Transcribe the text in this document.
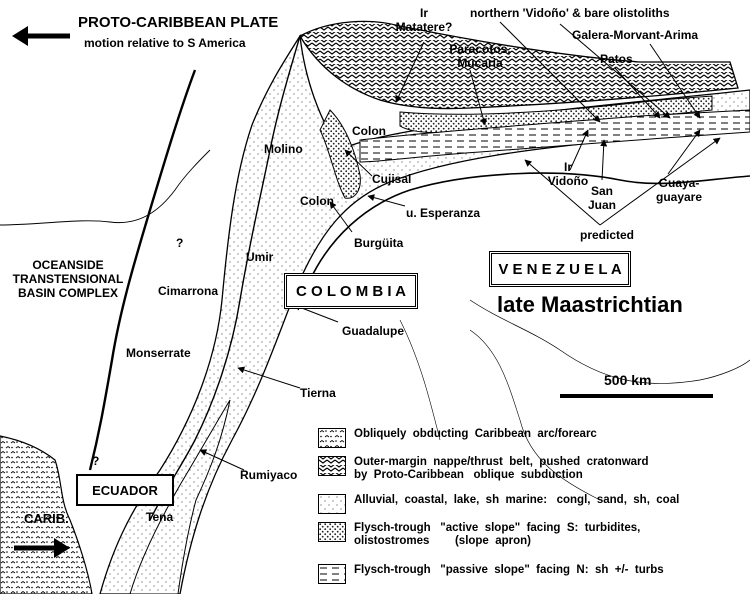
PROTO-CARIBBEAN PLATE
motion relative to S America
C O L O M B I A
V E N E Z U E L A
ECUADOR
late Maastrichtian
OCEANSIDE
TRANSTENSIONAL
BASIN COMPLEX
CARIB.
?
?
Ir
Matatere?
northern 'Vidoño' & bare olistoliths
Paracotos,
Mucaria
Galera-Morvant-Arima
Patos
Colon
Molino
Ir
Vidoño
San
Juan
Guaya-
guayare
Cujisal
Colon
u. Esperanza
Burgüita
predicted
Umir
Cimarrona
Guadalupe
Monserrate
Tierna
Rumiyaco
Tena
500 km
Obliquely  obducting  Caribbean  arc/forearc
Outer-margin  nappe/thrust  belt,  pushed  cratonward
by  Proto-Caribbean   oblique  subduction
Alluvial,  coastal,  lake,  sh  marine:   congl,  sand,  sh,  coal
Flysch-trough   "active  slope"  facing  S:  turbidites,
olistostromes        (slope  apron)
Flysch-trough   "passive  slope"  facing  N:  sh  +/-  turbs
